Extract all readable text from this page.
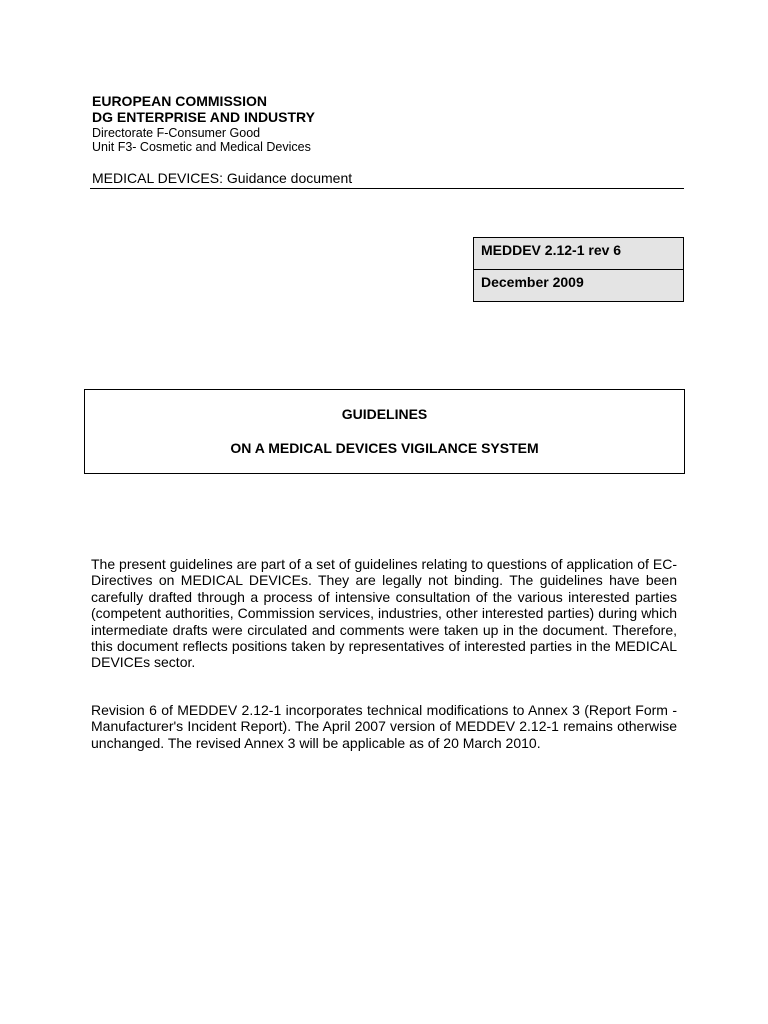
EUROPEAN COMMISSION
DG ENTERPRISE AND INDUSTRY
Directorate F-Consumer Good
Unit F3- Cosmetic and Medical Devices
MEDICAL DEVICES: Guidance document
MEDDEV 2.12-1 rev 6
December 2009
GUIDELINES
ON A MEDICAL DEVICES VIGILANCE SYSTEM

The present guidelines are part of a set of guidelines relating to questions of application of EC-Directives on MEDICAL DEVICEs. They are legally not binding. The guidelines have been carefully drafted through a process of intensive consultation of the various interested parties (competent authorities, Commission services, industries, other interested parties) during which intermediate drafts were circulated and comments were taken up in the document. Therefore, this document reflects positions taken by representatives of interested parties in the MEDICAL DEVICEs sector.

Revision 6 of MEDDEV 2.12-1 incorporates technical modifications to Annex 3 (Report Form - Manufacturer's Incident Report). The April 2007 version of MEDDEV 2.12-1 remains otherwise unchanged. The revised Annex 3 will be applicable as of 20 March 2010.
